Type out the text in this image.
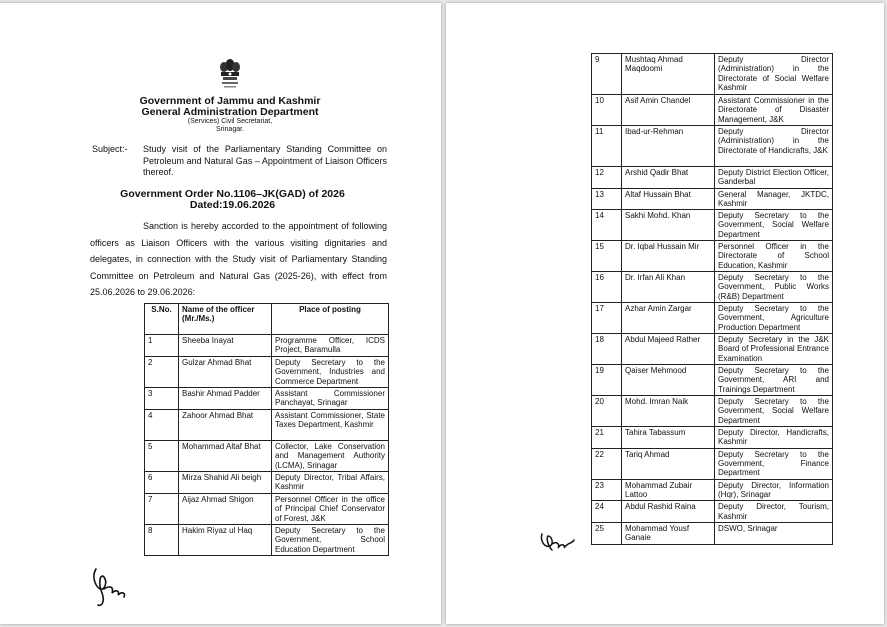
Government of Jammu and Kashmir
General Administration Department
(Services) Civil Secretariat,
Srinagar.
Subject:- Study visit of the Parliamentary Standing Committee on Petroleum and Natural Gas – Appointment of Liaison Officers thereof.
Government Order No.1106–JK(GAD) of 2026
Dated:19.06.2026
Sanction is hereby accorded to the appointment of following officers as Liaison Officers with the various visiting dignitaries and delegates, in connection with the Study visit of Parliamentary Standing Committee on Petroleum and Natural Gas (2025-26), with effect from 25.06.2026 to 29.06.2026:
S.No.	Name of the officer (Mr./Ms.)	Place of posting
1	Sheeba Inayat	Programme Officer, ICDS Project, Baramulla
2	Gulzar Ahmad Bhat	Deputy Secretary to the Government, Industries and Commerce Department
3	Bashir Ahmad Padder	Assistant Commissioner Panchayat, Srinagar
4	Zahoor Ahmad Bhat	Assistant Commissioner, State Taxes Department, Kashmir
5	Mohammad Altaf Bhat	Collector, Lake Conservation and Management Authority (LCMA), Srinagar
6	Mirza Shahid Ali beigh	Deputy Director, Tribal Affairs, Kashmir
7	Aijaz Ahmad Shigon	Personnel Officer in the office of Principal Chief Conservator of Forest, J&K
8	Hakim Riyaz ul Haq	Deputy Secretary to the Government, School Education Department
9	Mushtaq Ahmad Maqdoomi	Deputy Director (Administration) in the Directorate of Social Welfare Kashmir
10	Asif Amin Chandel	Assistant Commissioner in the Directorate of Disaster Management, J&K
11	Ibad-ur-Rehman	Deputy Director (Administration) in the Directorate of Handicrafts, J&K
12	Arshid Qadir Bhat	Deputy District Election Officer, Ganderbal
13	Altaf Hussain Bhat	General Manager, JKTDC, Kashmir
14	Sakhi Mohd. Khan	Deputy Secretary to the Government, Social Welfare Department
15	Dr. Iqbal Hussain Mir	Personnel Officer in the Directorate of School Education, Kashmir
16	Dr. Irfan Ali Khan	Deputy Secretary to the Government, Public Works (R&B) Department
17	Azhar Amin Zargar	Deputy Secretary to the Government, Agriculture Production Department
18	Abdul Majeed Rather	Deputy Secretary in the J&K Board of Professional Entrance Examination
19	Qaiser Mehmood	Deputy Secretary to the Government, ARI and Trainings Department
20	Mohd. Imran Naik	Deputy Secretary to the Government, Social Welfare Department
21	Tahira Tabassum	Deputy Director, Handicrafts, Kashmir
22	Tariq Ahmad	Deputy Secretary to the Government, Finance Department
23	Mohammad Zubair Lattoo	Deputy Director, Information (Hqr), Srinagar
24	Abdul Rashid Raina	Deputy Director, Tourism, Kashmir
25	Mohammad Yousf Ganaie	DSWO, Srinagar
